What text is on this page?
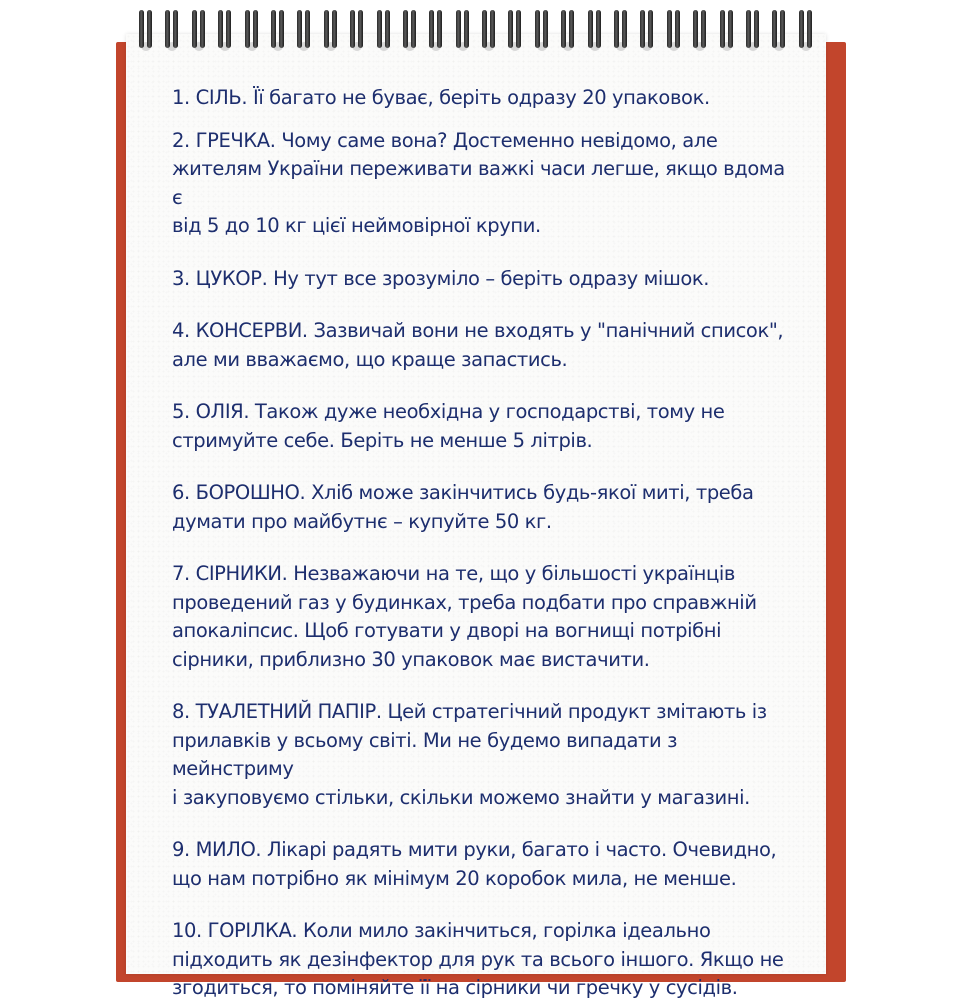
1. СІЛЬ. Її багато не буває, беріть одразу 20 упаковок.
2. ГРЕЧКА. Чому саме вона? Достеменно невідомо, але
жителям України переживати важкі часи легше, якщо вдома є
від 5 до 10 кг цієї неймовірної крупи.
3. ЦУКОР. Ну тут все зрозуміло – беріть одразу мішок.
4. КОНСЕРВИ. Зазвичай вони не входять у "панічний список",
але ми вважаємо, що краще запастись.
5. ОЛІЯ. Також дуже необхідна у господарстві, тому не
стримуйте себе. Беріть не менше 5 літрів.
6. БОРОШНО. Хліб може закінчитись будь-якої миті, треба
думати про майбутнє – купуйте 50 кг.
7. СІРНИКИ. Незважаючи на те, що у більшості українців
проведений газ у будинках, треба подбати про справжній
апокаліпсис. Щоб готувати у дворі на вогнищі потрібні
сірники, приблизно 30 упаковок має вистачити.
8. ТУАЛЕТНИЙ ПАПІР. Цей стратегічний продукт змітають із
прилавків у всьому світі. Ми не будемо випадати з мейнстриму
і закуповуємо стільки, скільки можемо знайти у магазині.
9. МИЛО. Лікарі радять мити руки, багато і часто. Очевидно,
що нам потрібно як мінімум 20 коробок мила, не менше.
10. ГОРІЛКА. Коли мило закінчиться, горілка ідеально
підходить як дезінфектор для рук та всього іншого. Якщо не
згодиться, то поміняйте її на сірники чи гречку у сусідів.
